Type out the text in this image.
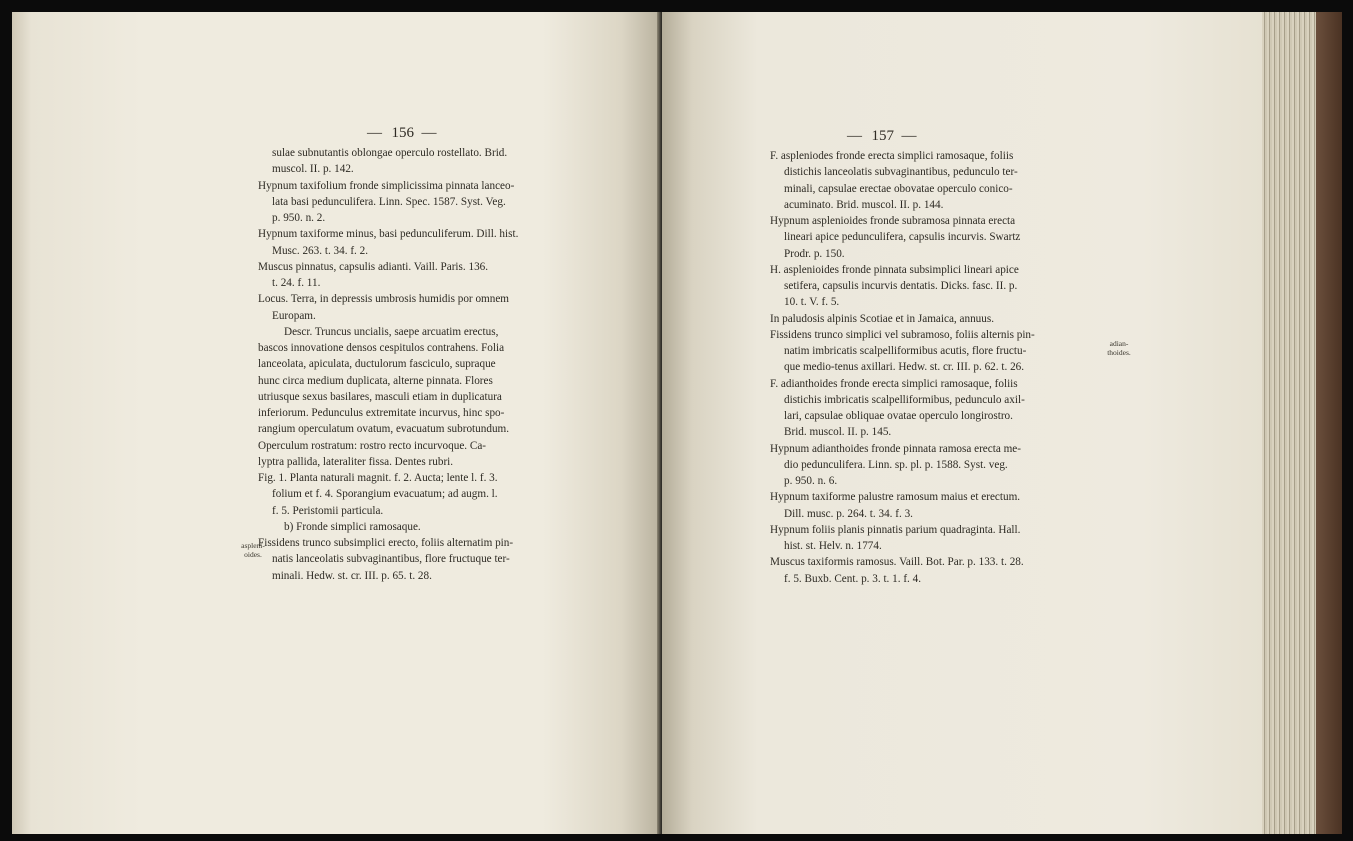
— 156 —
sulae subnutantis oblongae operculo rostellato. Brid.
muscol. II. p. 142.
Hypnum taxifolium fronde simplicissima pinnata lanceo-
lata basi pedunculifera. Linn. Spec. 1587. Syst. Veg.
p. 950. n. 2.
Hypnum taxiforme minus, basi pedunculiferum. Dill. hist.
Musc. 263. t. 34. f. 2.
Muscus pinnatus, capsulis adianti. Vaill. Paris. 136.
t. 24. f. 11.
Locus. Terra, in depressis umbrosis humidis por omnem
Europam.
Descr. Truncus uncialis, saepe arcuatim erectus,
bascos innovatione densos cespitulos contrahens. Folia
lanceolata, apiculata, ductulorum fasciculo, supraque
hunc circa medium duplicata, alterne pinnata. Flores
utriusque sexus basilares, masculi etiam in duplicatura
inferiorum. Pedunculus extremitate incurvus, hinc spo-
rangium operculatum ovatum, evacuatum subrotundum.
Operculum rostratum: rostro recto incurvoque. Ca-
lyptra pallida, lateraliter fissa. Dentes rubri.
Fig. 1. Planta naturali magnit. f. 2. Aucta; lente l. f. 3.
folium et f. 4. Sporangium evacuatum; ad augm. l.
f. 5. Peristomii particula.
b) Fronde simplici ramosaque.
Fissidens trunco subsimplici erecto, foliis alternatim pin-
natis lanceolatis subvaginantibus, flore fructuque ter-
minali. Hedw. st. cr. III. p. 65. t. 28.
aspleni-
oides.
— 157 —
F. aspleniodes fronde erecta simplici ramosaque, foliis
distichis lanceolatis subvaginantibus, pedunculo ter-
minali, capsulae erectae obovatae operculo conico-
acuminato. Brid. muscol. II. p. 144.
Hypnum asplenioides fronde subramosa pinnata erecta
lineari apice pedunculifera, capsulis incurvis. Swartz
Prodr. p. 150.
H. asplenioides fronde pinnata subsimplici lineari apice
setifera, capsulis incurvis dentatis. Dicks. fasc. II. p.
10. t. V. f. 5.
In paludosis alpinis Scotiae et in Jamaica, annuus.
Fissidens trunco simplici vel subramoso, foliis alternis pin-
natim imbricatis scalpelliformibus acutis, flore fructu-
que medio-tenus axillari. Hedw. st. cr. III. p. 62. t. 26.
F. adianthoides fronde erecta simplici ramosaque, foliis
distichis imbricatis scalpelliformibus, pedunculo axil-
lari, capsulae obliquae ovatae operculo longirostro.
Brid. muscol. II. p. 145.
Hypnum adianthoides fronde pinnata ramosa erecta me-
dio pedunculifera. Linn. sp. pl. p. 1588. Syst. veg.
p. 950. n. 6.
Hypnum taxiforme palustre ramosum maius et erectum.
Dill. musc. p. 264. t. 34. f. 3.
Hypnum foliis planis pinnatis parium quadraginta. Hall.
hist. st. Helv. n. 1774.
Muscus taxiformis ramosus. Vaill. Bot. Par. p. 133. t. 28.
f. 5. Buxb. Cent. p. 3. t. 1. f. 4.
adian-
thoides.
